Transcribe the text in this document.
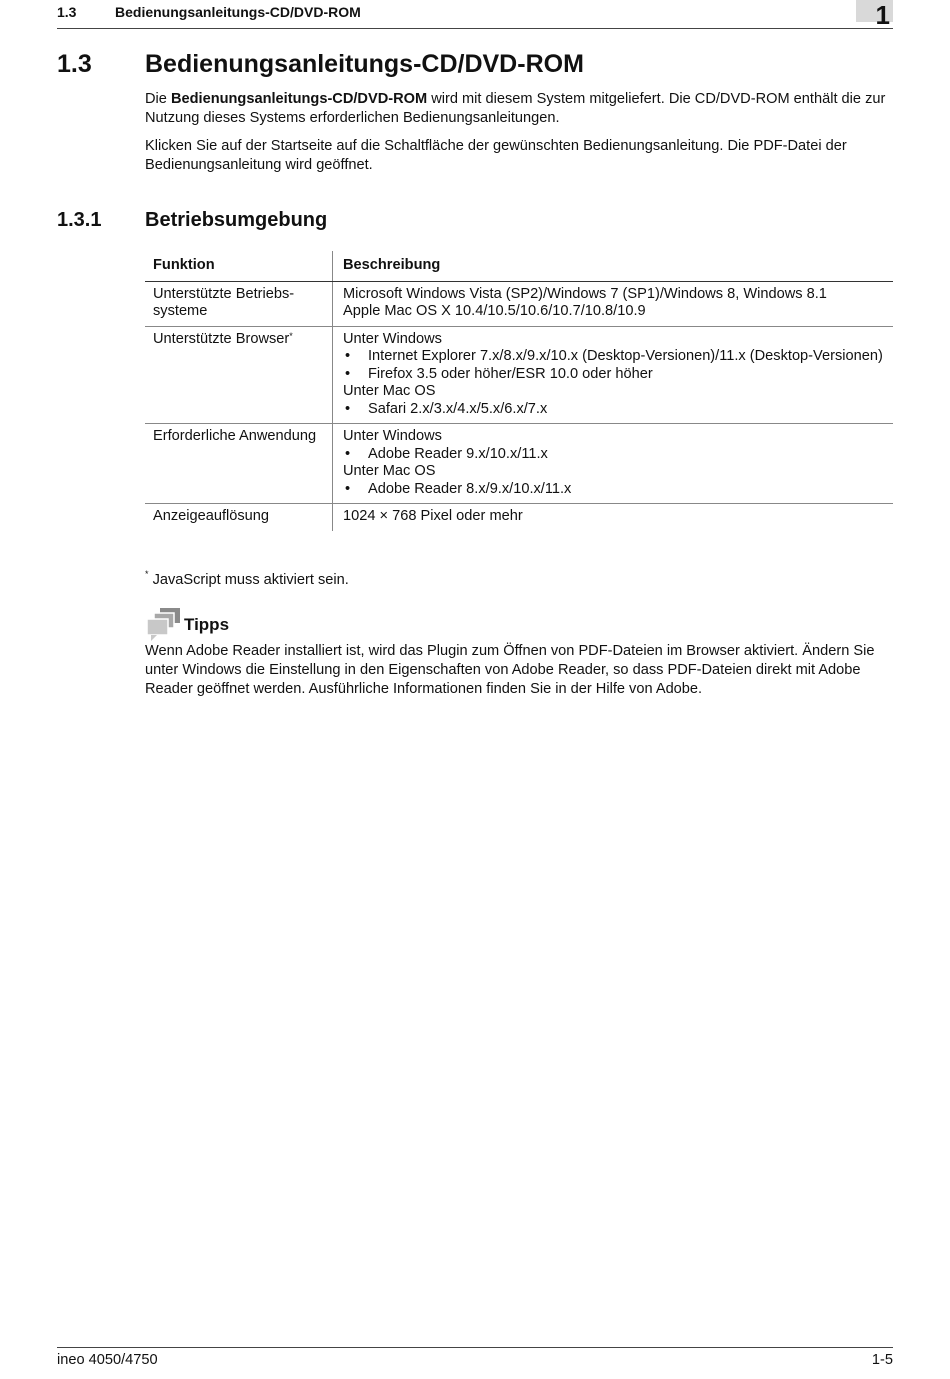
1.3	Bedienungsanleitungs-CD/DVD-ROM	1
1.3 Bedienungsanleitungs-CD/DVD-ROM
Die Bedienungsanleitungs-CD/DVD-ROM wird mit diesem System mitgeliefert. Die CD/DVD-ROM enthält die zur Nutzung dieses Systems erforderlichen Bedienungsanleitungen.
Klicken Sie auf der Startseite auf die Schaltfläche der gewünschten Bedienungsanleitung. Die PDF-Datei der Bedienungsanleitung wird geöffnet.
1.3.1 Betriebsumgebung
Funktion	Beschreibung
Unterstützte Betriebs-systeme	Microsoft Windows Vista (SP2)/Windows 7 (SP1)/Windows 8, Windows 8.1
Apple Mac OS X 10.4/10.5/10.6/10.7/10.8/10.9

Unterstützte Browser*	Unter Windows
• Internet Explorer 7.x/8.x/9.x/10.x (Desktop-Versionen)/11.x (Desktop-Versionen)
• Firefox 3.5 oder höher/ESR 10.0 oder höher
Unter Mac OS
• Safari 2.x/3.x/4.x/5.x/6.x/7.x

Erforderliche Anwendung	Unter Windows
• Adobe Reader 9.x/10.x/11.x
Unter Mac OS
• Adobe Reader 8.x/9.x/10.x/11.x

Anzeigeauflösung	1024 × 768 Pixel oder mehr
* JavaScript muss aktiviert sein.
Tipps
Wenn Adobe Reader installiert ist, wird das Plugin zum Öffnen von PDF-Dateien im Browser aktiviert. Ändern Sie unter Windows die Einstellung in den Eigenschaften von Adobe Reader, so dass PDF-Dateien direkt mit Adobe Reader geöffnet werden. Ausführliche Informationen finden Sie in der Hilfe von Adobe.
ineo 4050/4750	1-5
